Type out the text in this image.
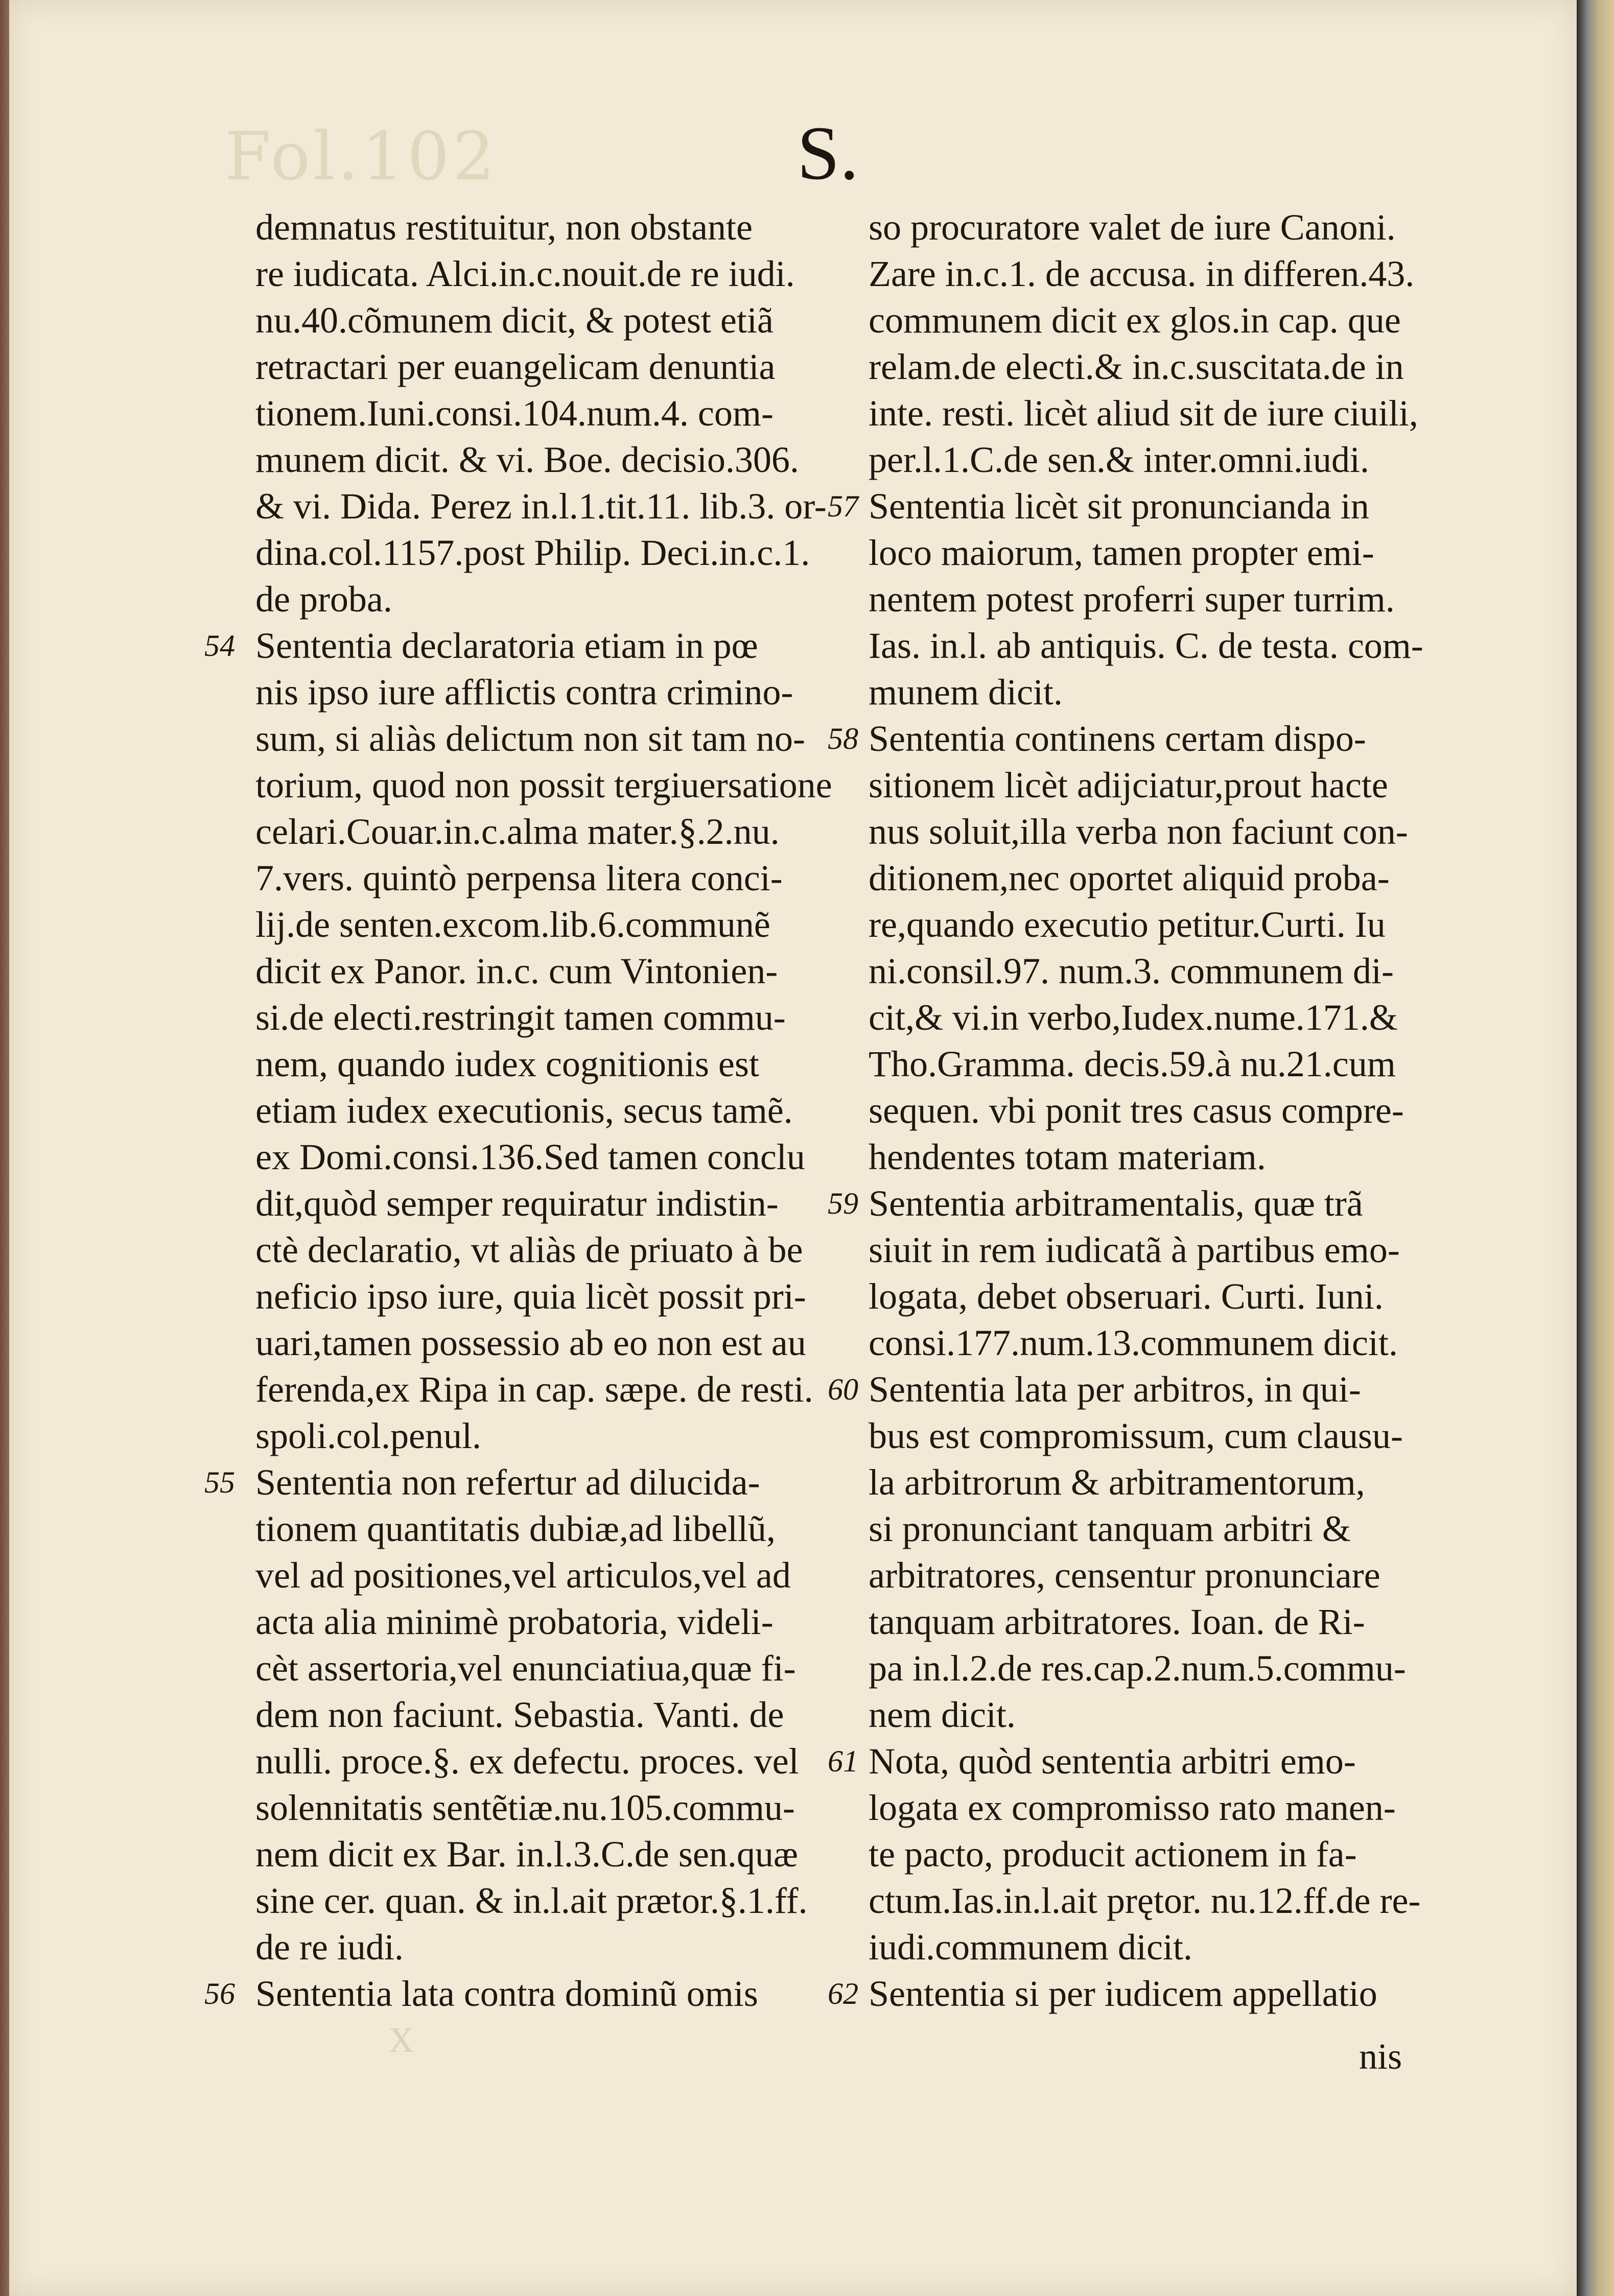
Fol.102	S.
demnatus restituitur, non obstante
re iudicata. Alci.in.c.nouit.de re iudi.
nu.40.cõmunem dicit, & potest etiã
retractari per euangelicam denuntia
tionem.Iuni.consi.104.num.4. com-
munem dicit. & vi. Boe. decisio.306.
& vi. Dida. Perez in.l.1.tit.11. lib.3. or-
dina.col.1157.post Philip. Deci.in.c.1.
de proba.
Sententia declaratoria etiam in pœ
54
nis ipso iure afflictis contra crimino-
sum, si aliàs delictum non sit tam no-
torium, quod non possit tergiuersatione
celari.Couar.in.c.alma mater.§.2.nu.
7.vers. quintò perpensa litera conci-
lij.de senten.excom.lib.6.communẽ
dicit ex Panor. in.c. cum Vintonien-
si.de electi.restringit tamen commu-
nem, quando iudex cognitionis est
etiam iudex executionis, secus tamẽ.
ex Domi.consi.136.Sed tamen conclu
dit,quòd semper requiratur indistin-
ctè declaratio, vt aliàs de priuato à be
neficio ipso iure, quia licèt possit pri-
uari,tamen possessio ab eo non est au
ferenda,ex Ripa in cap. sæpe. de resti.
spoli.col.penul.
Sententia non refertur ad dilucida-
55
tionem quantitatis dubiæ,ad libellũ,
vel ad positiones,vel articulos,vel ad
acta alia minimè probatoria, videli-
cèt assertoria,vel enunciatiua,quæ fi-
dem non faciunt. Sebastia. Vanti. de
nulli. proce.§. ex defectu. proces. vel
solennitatis sentẽtiæ.nu.105.commu-
nem dicit ex Bar. in.l.3.C.de sen.quæ
sine cer. quan. & in.l.ait prætor.§.1.ff.
de re iudi.
Sententia lata contra dominũ omis
56
so procuratore valet de iure Canoni.
Zare in.c.1. de accusa. in differen.43.
communem dicit ex glos.in cap. que
relam.de electi.& in.c.suscitata.de in
inte. resti. licèt aliud sit de iure ciuili,
per.l.1.C.de sen.& inter.omni.iudi.
Sententia licèt sit pronuncianda in
57
loco maiorum, tamen propter emi-
nentem potest proferri super turrim.
Ias. in.l. ab antiquis. C. de testa. com-
munem dicit.
Sententia continens certam dispo-
58
sitionem licèt adijciatur,prout hacte
nus soluit,illa verba non faciunt con-
ditionem,nec oportet aliquid proba-
re,quando executio petitur.Curti. Iu
ni.consil.97. num.3. communem di-
cit,& vi.in verbo,Iudex.nume.171.&
Tho.Gramma. decis.59.à nu.21.cum
sequen. vbi ponit tres casus compre-
hendentes totam materiam.
Sententia arbitramentalis, quæ trã
59
siuit in rem iudicatã à partibus emo-
logata, debet obseruari. Curti. Iuni.
consi.177.num.13.communem dicit.
Sententia lata per arbitros, in qui-
60
bus est compromissum, cum clausu-
la arbitrorum & arbitramentorum,
si pronunciant tanquam arbitri &
arbitratores, censentur pronunciare
tanquam arbitratores. Ioan. de Ri-
pa in.l.2.de res.cap.2.num.5.commu-
nem dicit.
Nota, quòd sententia arbitri emo-
61
logata ex compromisso rato manen-
te pacto, producit actionem in fa-
ctum.Ias.in.l.ait prętor. nu.12.ff.de re-
iudi.communem dicit.
Sententia si per iudicem appellatio
62
X	nis
